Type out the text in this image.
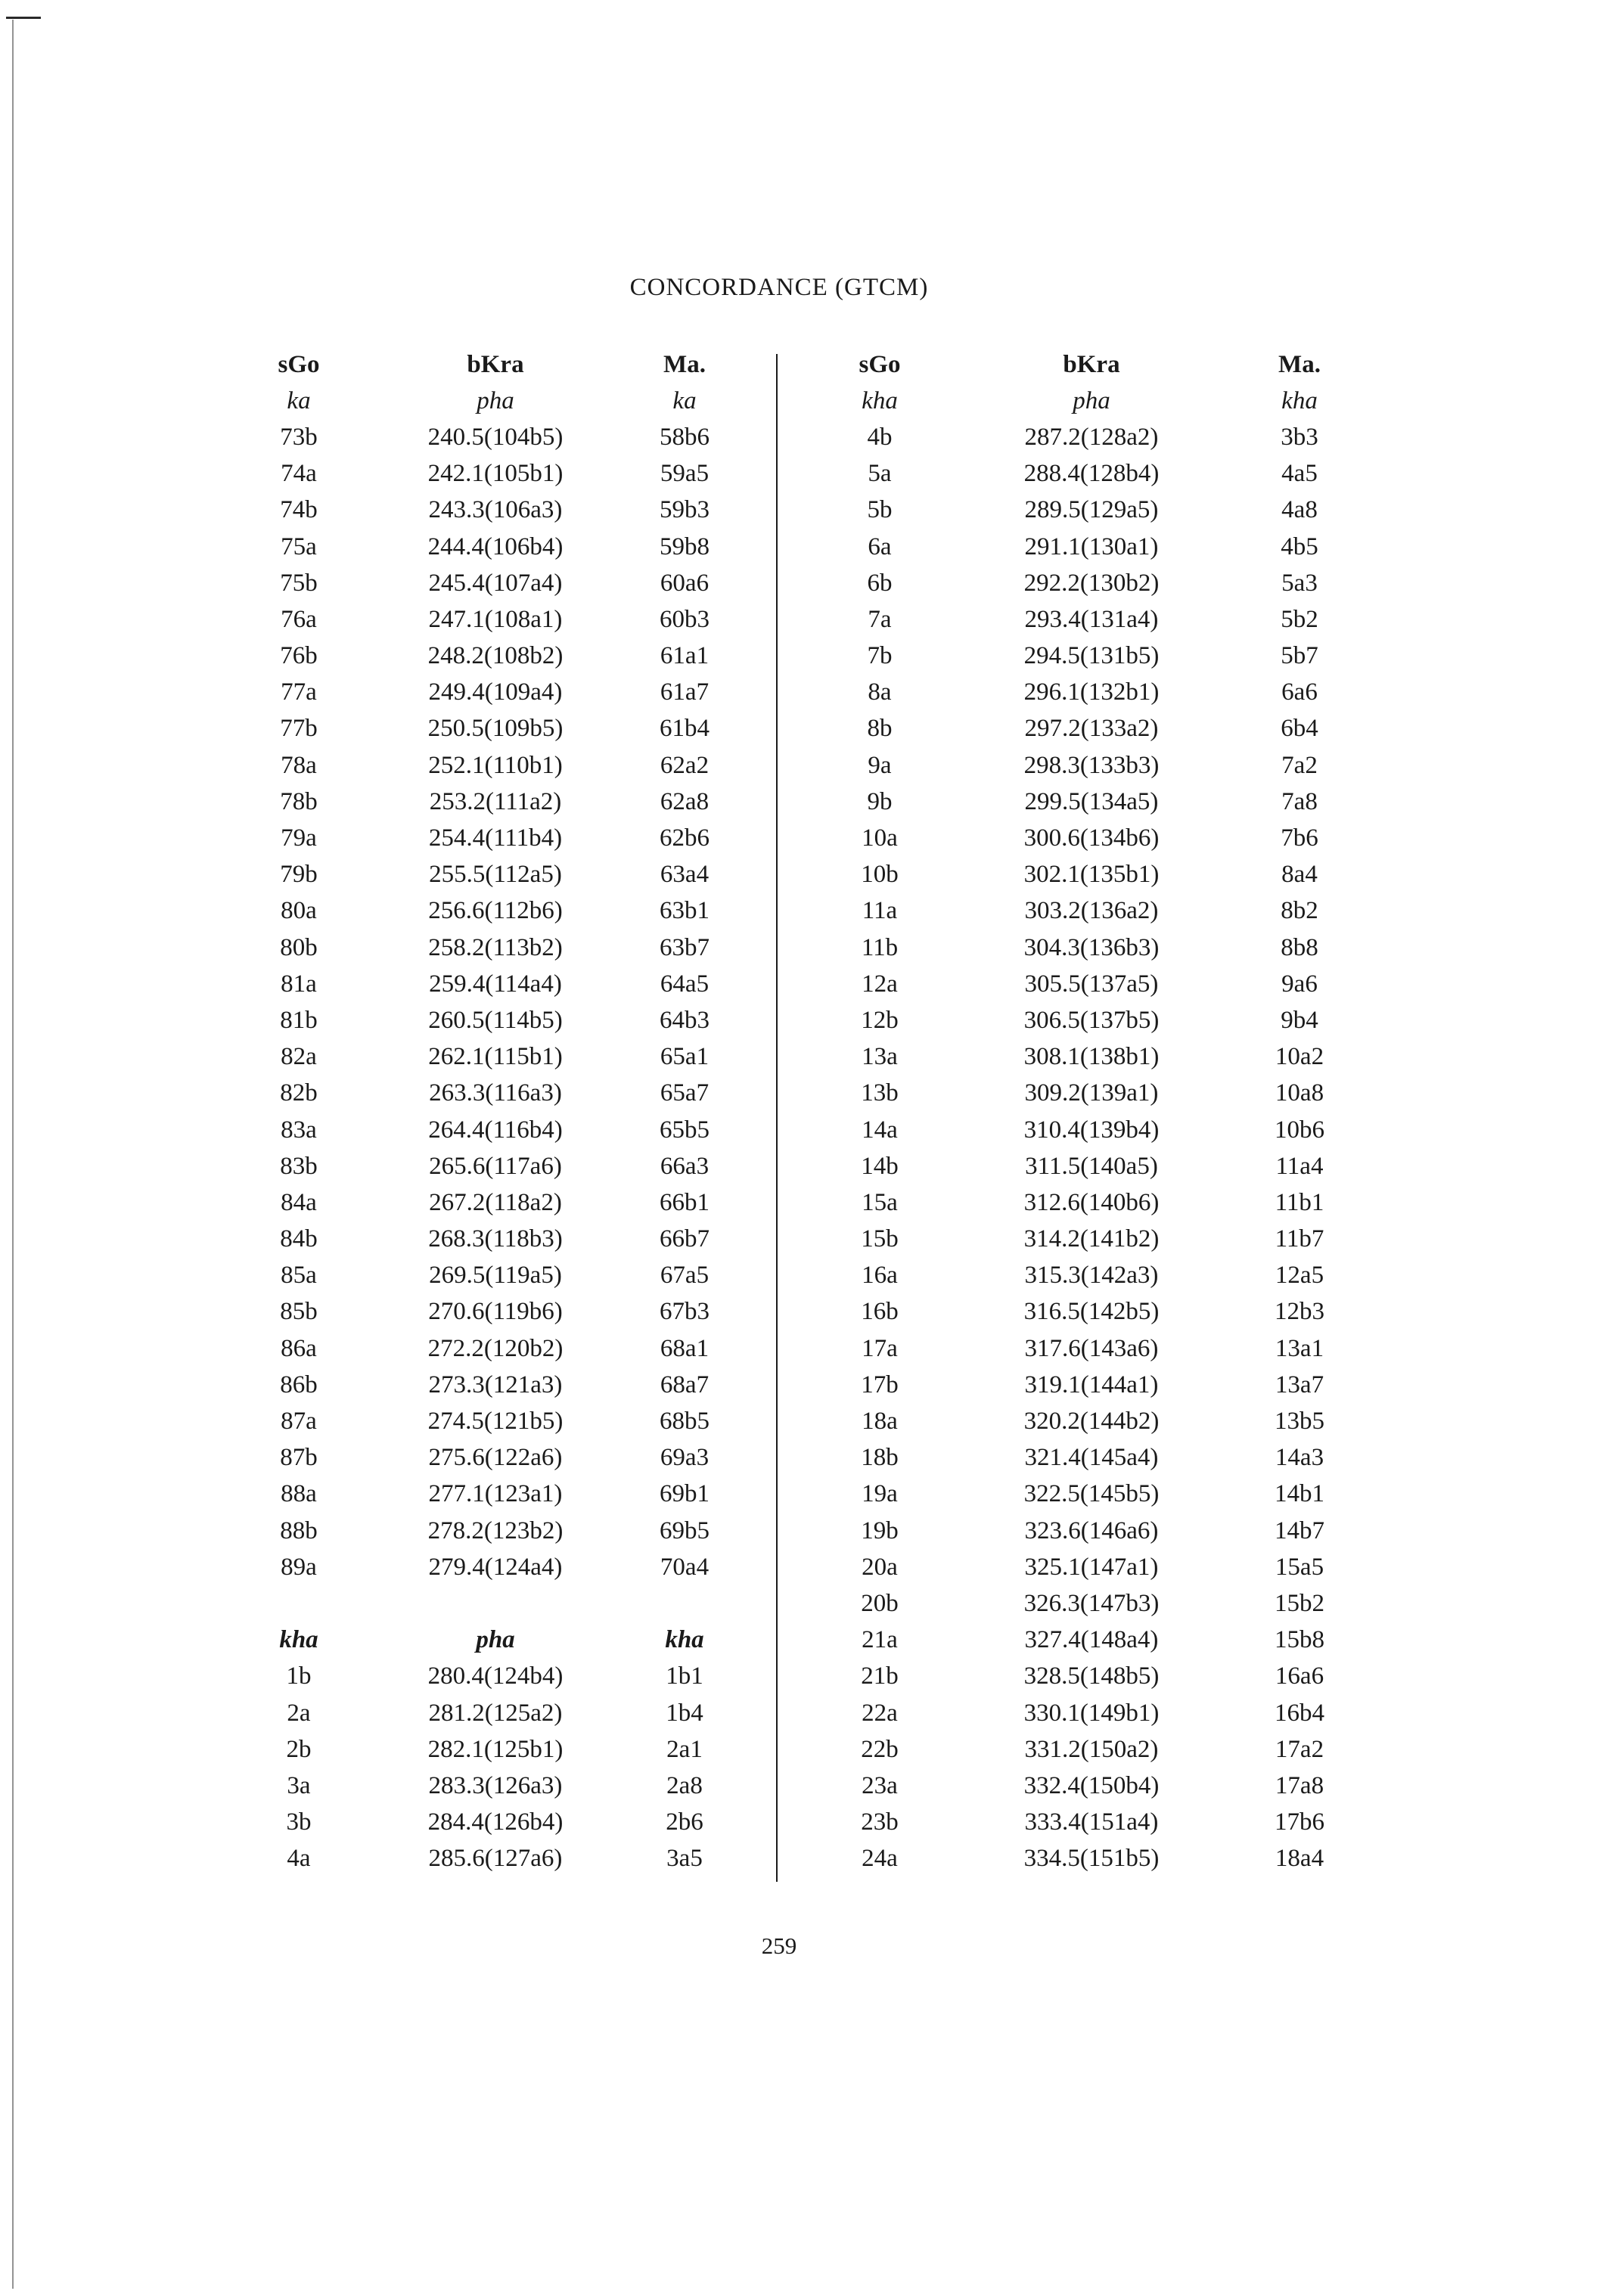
CONCORDANCE (GTCM)
sGo	bKra	Ma.
ka	pha	ka
73b	240.5(104b5)	58b6
74a	242.1(105b1)	59a5
74b	243.3(106a3)	59b3
75a	244.4(106b4)	59b8
75b	245.4(107a4)	60a6
76a	247.1(108a1)	60b3
76b	248.2(108b2)	61a1
77a	249.4(109a4)	61a7
77b	250.5(109b5)	61b4
78a	252.1(110b1)	62a2
78b	253.2(111a2)	62a8
79a	254.4(111b4)	62b6
79b	255.5(112a5)	63a4
80a	256.6(112b6)	63b1
80b	258.2(113b2)	63b7
81a	259.4(114a4)	64a5
81b	260.5(114b5)	64b3
82a	262.1(115b1)	65a1
82b	263.3(116a3)	65a7
83a	264.4(116b4)	65b5
83b	265.6(117a6)	66a3
84a	267.2(118a2)	66b1
84b	268.3(118b3)	66b7
85a	269.5(119a5)	67a5
85b	270.6(119b6)	67b3
86a	272.2(120b2)	68a1
86b	273.3(121a3)	68a7
87a	274.5(121b5)	68b5
87b	275.6(122a6)	69a3
88a	277.1(123a1)	69b1
88b	278.2(123b2)	69b5
89a	279.4(124a4)	70a4
kha	pha	kha
1b	280.4(124b4)	1b1
2a	281.2(125a2)	1b4
2b	282.1(125b1)	2a1
3a	283.3(126a3)	2a8
3b	284.4(126b4)	2b6
4a	285.6(127a6)	3a5
sGo	bKra	Ma.
kha	pha	kha
4b	287.2(128a2)	3b3
5a	288.4(128b4)	4a5
5b	289.5(129a5)	4a8
6a	291.1(130a1)	4b5
6b	292.2(130b2)	5a3
7a	293.4(131a4)	5b2
7b	294.5(131b5)	5b7
8a	296.1(132b1)	6a6
8b	297.2(133a2)	6b4
9a	298.3(133b3)	7a2
9b	299.5(134a5)	7a8
10a	300.6(134b6)	7b6
10b	302.1(135b1)	8a4
11a	303.2(136a2)	8b2
11b	304.3(136b3)	8b8
12a	305.5(137a5)	9a6
12b	306.5(137b5)	9b4
13a	308.1(138b1)	10a2
13b	309.2(139a1)	10a8
14a	310.4(139b4)	10b6
14b	311.5(140a5)	11a4
15a	312.6(140b6)	11b1
15b	314.2(141b2)	11b7
16a	315.3(142a3)	12a5
16b	316.5(142b5)	12b3
17a	317.6(143a6)	13a1
17b	319.1(144a1)	13a7
18a	320.2(144b2)	13b5
18b	321.4(145a4)	14a3
19a	322.5(145b5)	14b1
19b	323.6(146a6)	14b7
20a	325.1(147a1)	15a5
20b	326.3(147b3)	15b2
21a	327.4(148a4)	15b8
21b	328.5(148b5)	16a6
22a	330.1(149b1)	16b4
22b	331.2(150a2)	17a2
23a	332.4(150b4)	17a8
23b	333.4(151a4)	17b6
24a	334.5(151b5)	18a4
259
